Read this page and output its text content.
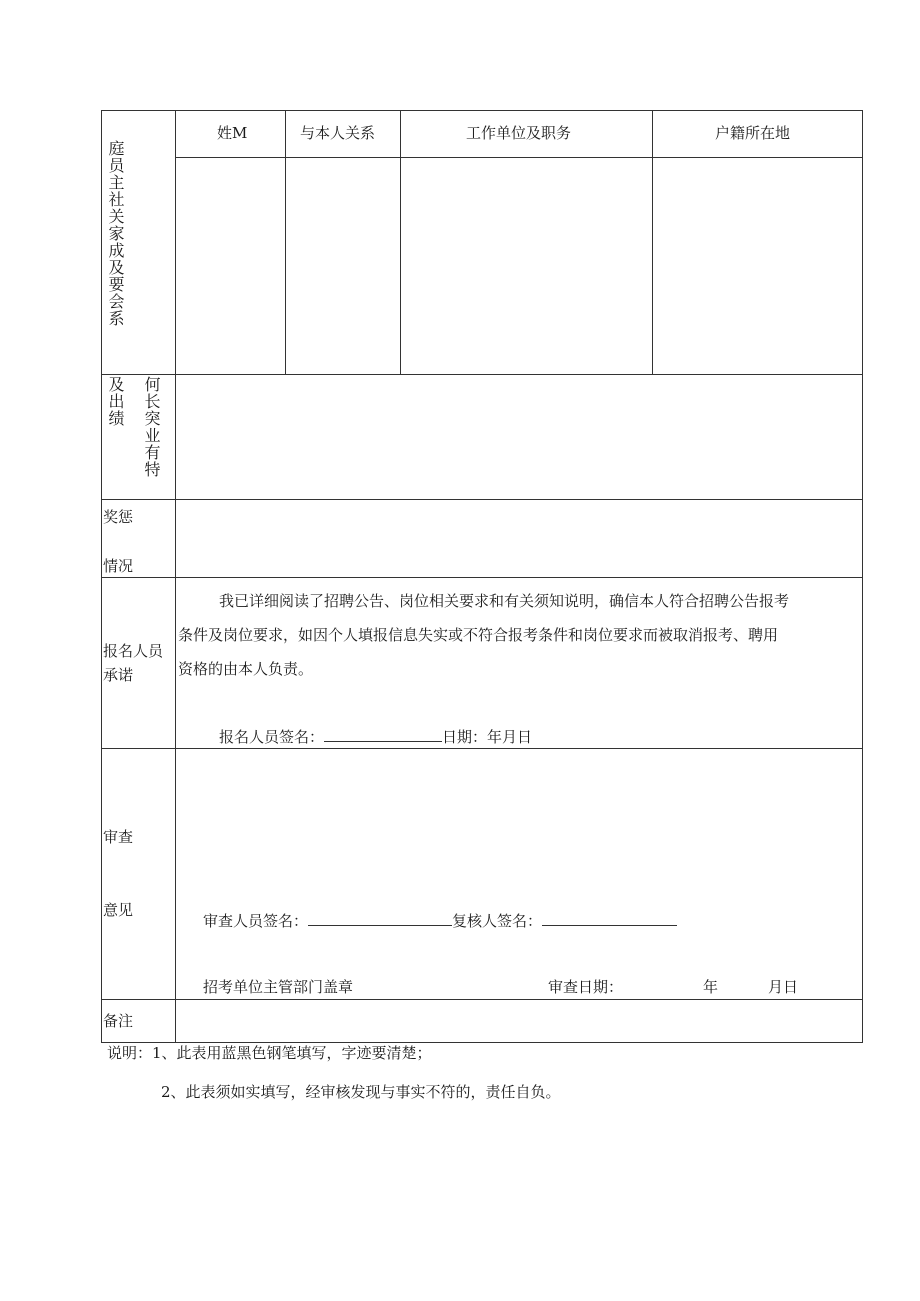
庭员主社关家成及要会系
姓M	与本人关系	工作单位及职务	户籍所在地
及出绩 何长突业有特
奖惩
情况
报名人员
承诺
我已详细阅读了招聘公告、岗位相关要求和有关须知说明，确信本人符合招聘公告报考
条件及岗位要求，如因个人填报信息失实或不符合报考条件和岗位要求而被取消报考、聘用
资格的由本人负责。
报名人员签名：	日期：年月日
审查
意见
审查人员签名：	复核人签名：
招考单位主管部门盖章	审查日期：	年	月日
备注
说明：1、此表用蓝黑色钢笔填写，字迹要清楚；
2、此表须如实填写，经审核发现与事实不符的，责任自负。
